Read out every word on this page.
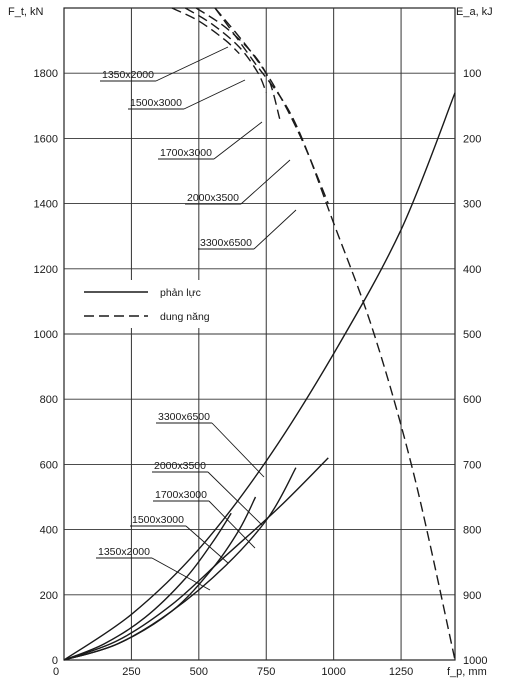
250	500	750	1000	1250
0
200
400
600
800
1000
1200
1400
1600
1800	100
200
300
400
500
600
700
800
900
1000
1350x2000
1500x3000
1700x3000
2000x3500
3300x6500
1350x2000
1500x3000
1700x3000
2000x3500
3300x6500
phản lực
dung năng
F_t, kN	E_a, kJ
f_p, mm
0
